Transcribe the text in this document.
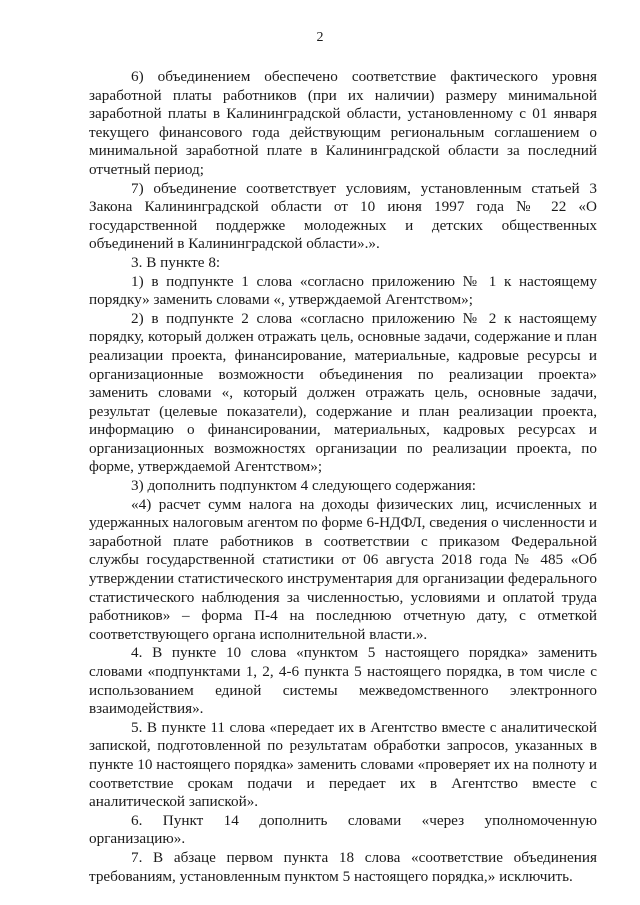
2

6) объединением обеспечено соответствие фактического уровня заработной платы работников (при их наличии) размеру минимальной заработной платы в Калининградской области, установленному с 01 января текущего финансового года действующим региональным соглашением о минимальной заработной плате в Калининградской области за последний отчетный период;

7) объединение соответствует условиям, установленным статьей 3 Закона Калининградской области от 10 июня 1997 года № 22 «О государственной поддержке молодежных и детских общественных объединений в Калининградской области».».

3. В пункте 8:

1) в подпункте 1 слова «согласно приложению № 1 к настоящему порядку» заменить словами «, утверждаемой Агентством»;

2) в подпункте 2 слова «согласно приложению № 2 к настоящему порядку, который должен отражать цель, основные задачи, содержание и план реализации проекта, финансирование, материальные, кадровые ресурсы и организационные возможности объединения по реализации проекта» заменить словами «, который должен отражать цель, основные задачи, результат (целевые показатели), содержание и план реализации проекта, информацию о финансировании, материальных, кадровых ресурсах и организационных возможностях организации по реализации проекта, по форме, утверждаемой Агентством»;

3) дополнить подпунктом 4 следующего содержания:

«4) расчет сумм налога на доходы физических лиц, исчисленных и удержанных налоговым агентом по форме 6-НДФЛ, сведения о численности и заработной плате работников в соответствии с приказом Федеральной службы государственной статистики от 06 августа 2018 года № 485 «Об утверждении статистического инструментария для организации федерального статистического наблюдения за численностью, условиями и оплатой труда работников» – форма П-4 на последнюю отчетную дату, с отметкой соответствующего органа исполнительной власти.».

4. В пункте 10 слова «пунктом 5 настоящего порядка» заменить словами «подпунктами 1, 2, 4-6 пункта 5 настоящего порядка, в том числе с использованием единой системы межведомственного электронного взаимодействия».

5. В пункте 11 слова «передает их в Агентство вместе с аналитической запиской, подготовленной по результатам обработки запросов, указанных в пункте 10 настоящего порядка» заменить словами «проверяет их на полноту и соответствие срокам подачи и передает их в Агентство вместе с аналитической запиской».

6. Пункт 14 дополнить словами «через уполномоченную организацию».

7. В абзаце первом пункта 18 слова «соответствие объединения требованиям, установленным пунктом 5 настоящего порядка,» исключить.
